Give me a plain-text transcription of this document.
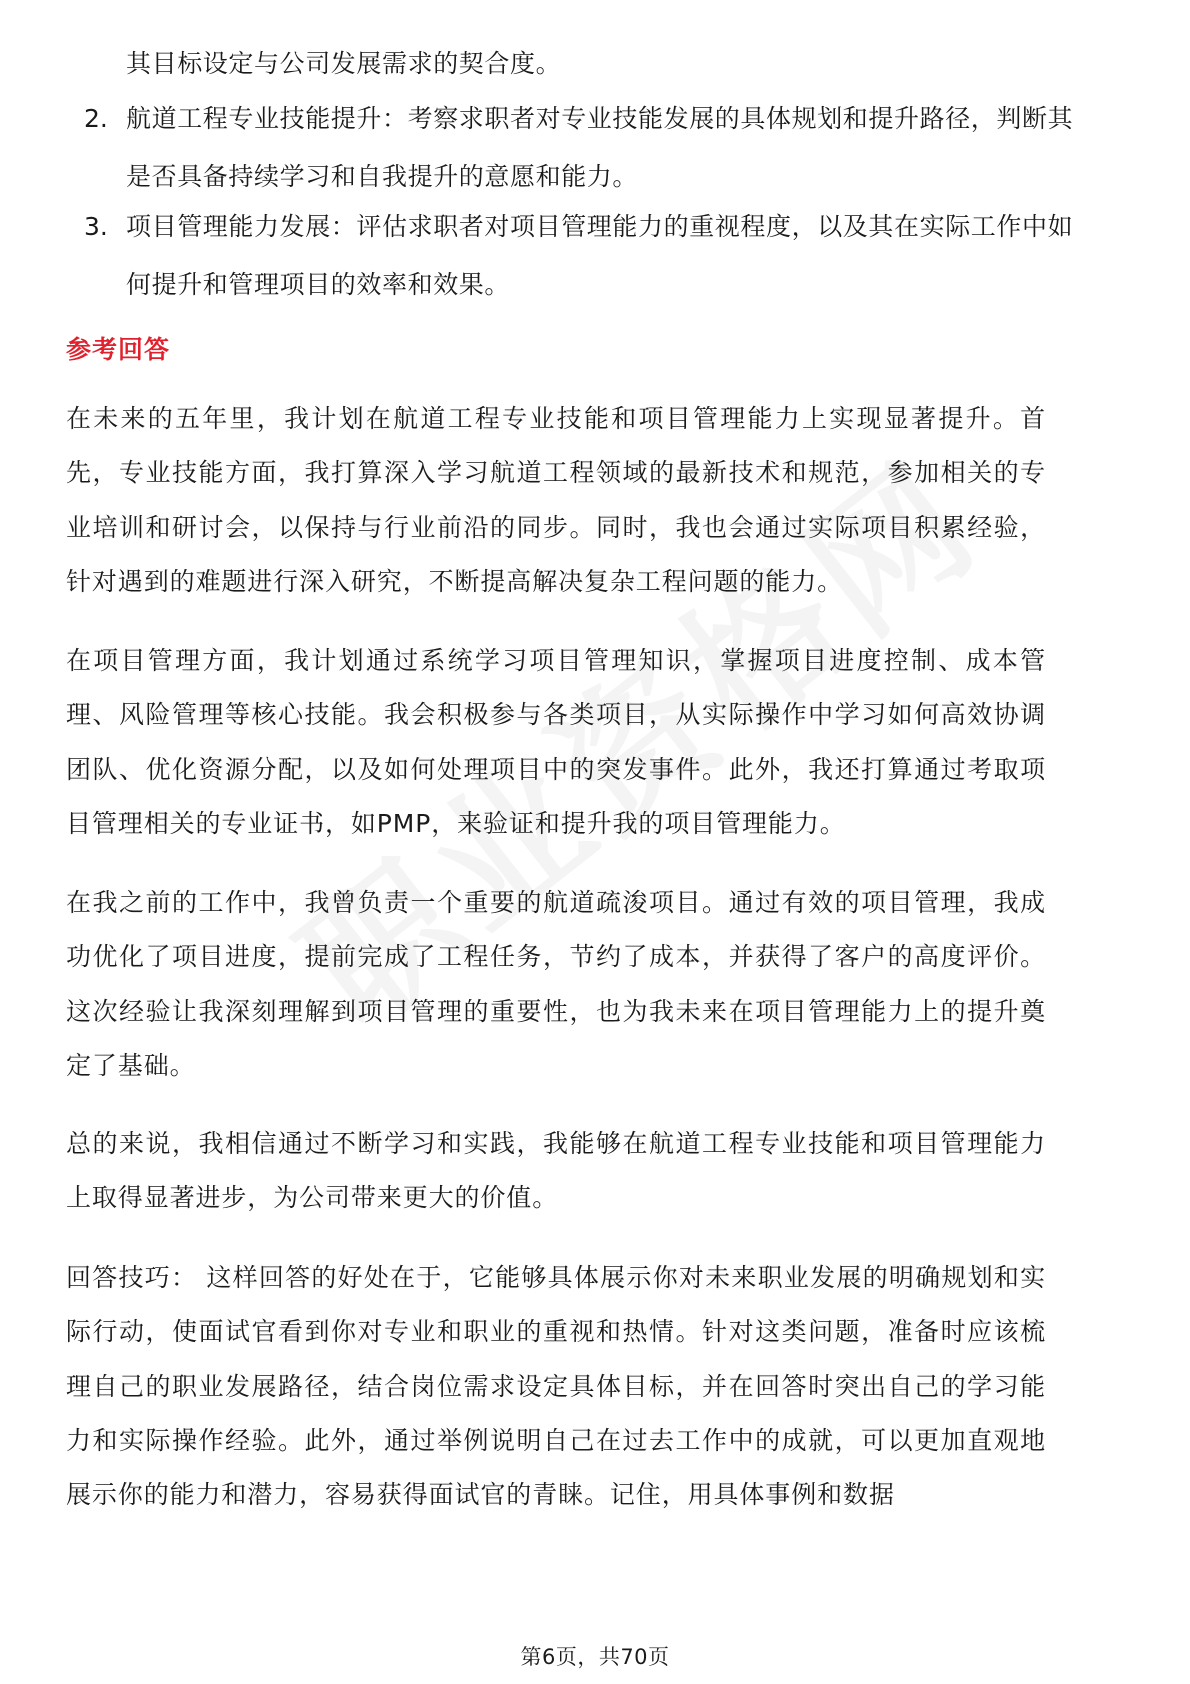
其目标设定与公司发展需求的契合度。
2. 航道工程专业技能提升：考察求职者对专业技能发展的具体规划和提升路径，判断其是否具备持续学习和自我提升的意愿和能力。
3. 项目管理能力发展：评估求职者对项目管理能力的重视程度，以及其在实际工作中如何提升和管理项目的效率和效果。
参考回答
在未来的五年里，我计划在航道工程专业技能和项目管理能力上实现显著提升。首先，专业技能方面，我打算深入学习航道工程领域的最新技术和规范，参加相关的专业培训和研讨会，以保持与行业前沿的同步。同时，我也会通过实际项目积累经验，针对遇到的难题进行深入研究，不断提高解决复杂工程问题的能力。
在项目管理方面，我计划通过系统学习项目管理知识，掌握项目进度控制、成本管理、风险管理等核心技能。我会积极参与各类项目，从实际操作中学习如何高效协调团队、优化资源分配，以及如何处理项目中的突发事件。此外，我还打算通过考取项目管理相关的专业证书，如PMP，来验证和提升我的项目管理能力。
在我之前的工作中，我曾负责一个重要的航道疏浚项目。通过有效的项目管理，我成功优化了项目进度，提前完成了工程任务，节约了成本，并获得了客户的高度评价。这次经验让我深刻理解到项目管理的重要性，也为我未来在项目管理能力上的提升奠定了基础。
总的来说，我相信通过不断学习和实践，我能够在航道工程专业技能和项目管理能力上取得显著进步，为公司带来更大的价值。
回答技巧： 这样回答的好处在于，它能够具体展示你对未来职业发展的明确规划和实际行动，使面试官看到你对专业和职业的重视和热情。针对这类问题，准备时应该梳理自己的职业发展路径，结合岗位需求设定具体目标，并在回答时突出自己的学习能力和实际操作经验。此外，通过举例说明自己在过去工作中的成就，可以更加直观地展示你的能力和潜力，容易获得面试官的青睐。记住，用具体事例和数据
第6页，共70页
